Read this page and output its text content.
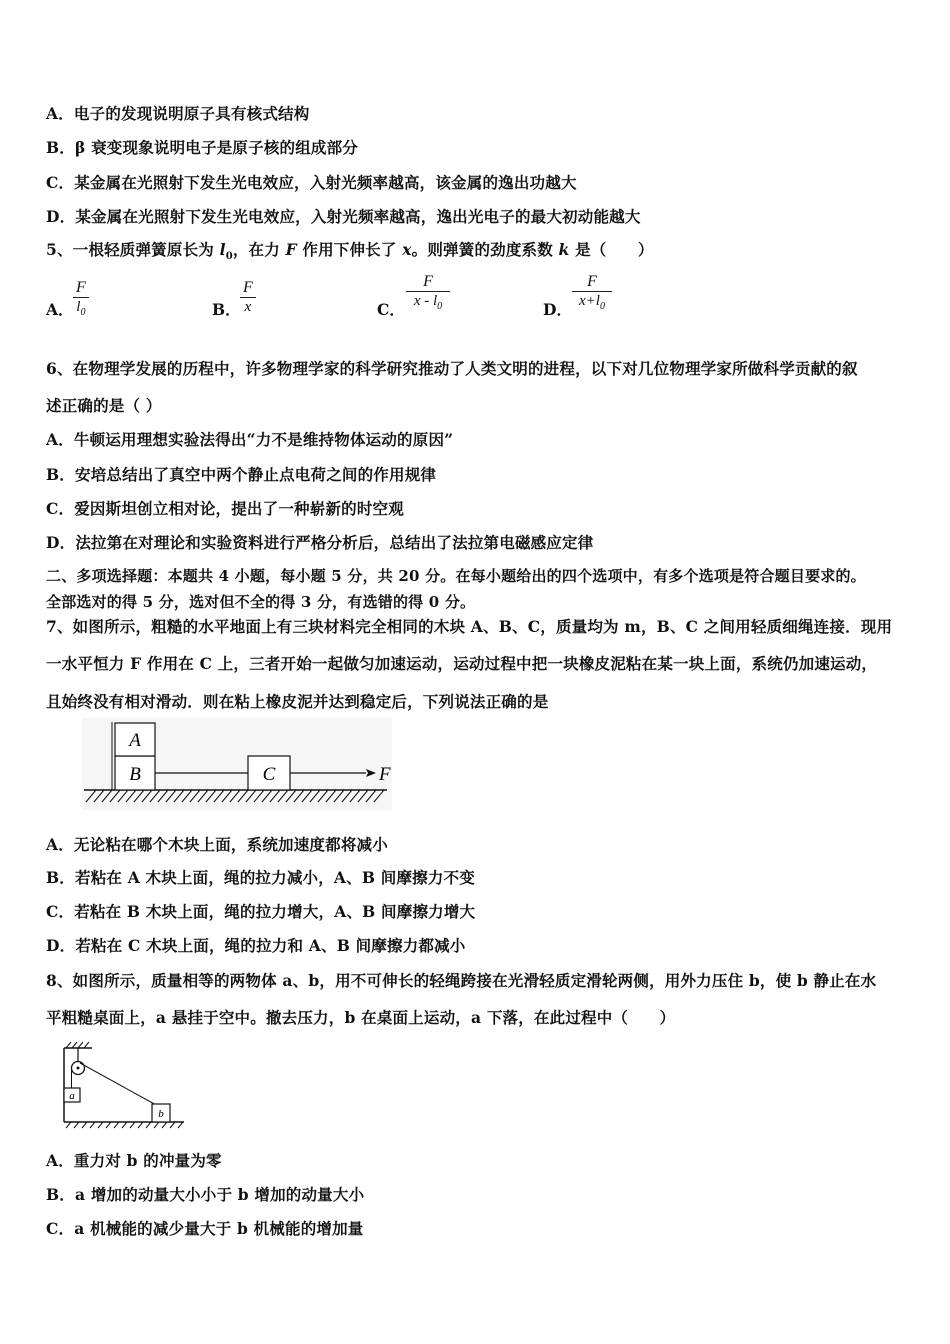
A．电子的发现说明原子具有核式结构
B．β 衰变现象说明电子是原子核的组成部分
C．某金属在光照射下发生光电效应，入射光频率越高，该金属的逸出功越大
D．某金属在光照射下发生光电效应，入射光频率越高，逸出光电子的最大初动能越大
5、一根轻质弹簧原长为 $l_0$，在力 F 作用下伸长了 x。则弹簧的劲度系数 k 是（　　）
A．
F
$l_0$	B．
F
x	C．
F
x - $l_0$	D．
F
$x+l_0$
6、在物理学发展的历程中，许多物理学家的科学研究推动了人类文明的进程，以下对几位物理学家所做科学贡献的叙
述正确的是（ ）
A．牛顿运用理想实验法得出“力不是维持物体运动的原因”
B．安培总结出了真空中两个静止点电荷之间的作用规律
C．爱因斯坦创立相对论，提出了一种崭新的时空观
D．法拉第在对理论和实验资料进行严格分析后，总结出了法拉第电磁感应定律
二、多项选择题：本题共 4 小题，每小题 5 分，共 20 分。在每小题给出的四个选项中，有多个选项是符合题目要求的。
全部选对的得 5 分，选对但不全的得 3 分，有选错的得 0 分。
7、如图所示，粗糙的水平地面上有三块材料完全相同的木块 A、B、C，质量均为 m，B、C 之间用轻质细绳连接．现用
一水平恒力 F 作用在 C 上，三者开始一起做匀加速运动，运动过程中把一块橡皮泥粘在某一块上面，系统仍加速运动，
且始终没有相对滑动．则在粘上橡皮泥并达到稳定后，下列说法正确的是
B
A
C	F
A．无论粘在哪个木块上面，系统加速度都将减小
B．若粘在 A 木块上面，绳的拉力减小，A、B 间摩擦力不变
C．若粘在 B 木块上面，绳的拉力增大，A、B 间摩擦力增大
D．若粘在 C 木块上面，绳的拉力和 A、B 间摩擦力都减小
8、如图所示，质量相等的两物体 a、b，用不可伸长的轻绳跨接在光滑轻质定滑轮两侧，用外力压住 b，使 b 静止在水
平粗糙桌面上，a 悬挂于空中。撤去压力，b 在桌面上运动，a 下落，在此过程中（　　）
a
b
A．重力对 b 的冲量为零
B．a 增加的动量大小小于 b 增加的动量大小
C．a 机械能的减少量大于 b 机械能的增加量
